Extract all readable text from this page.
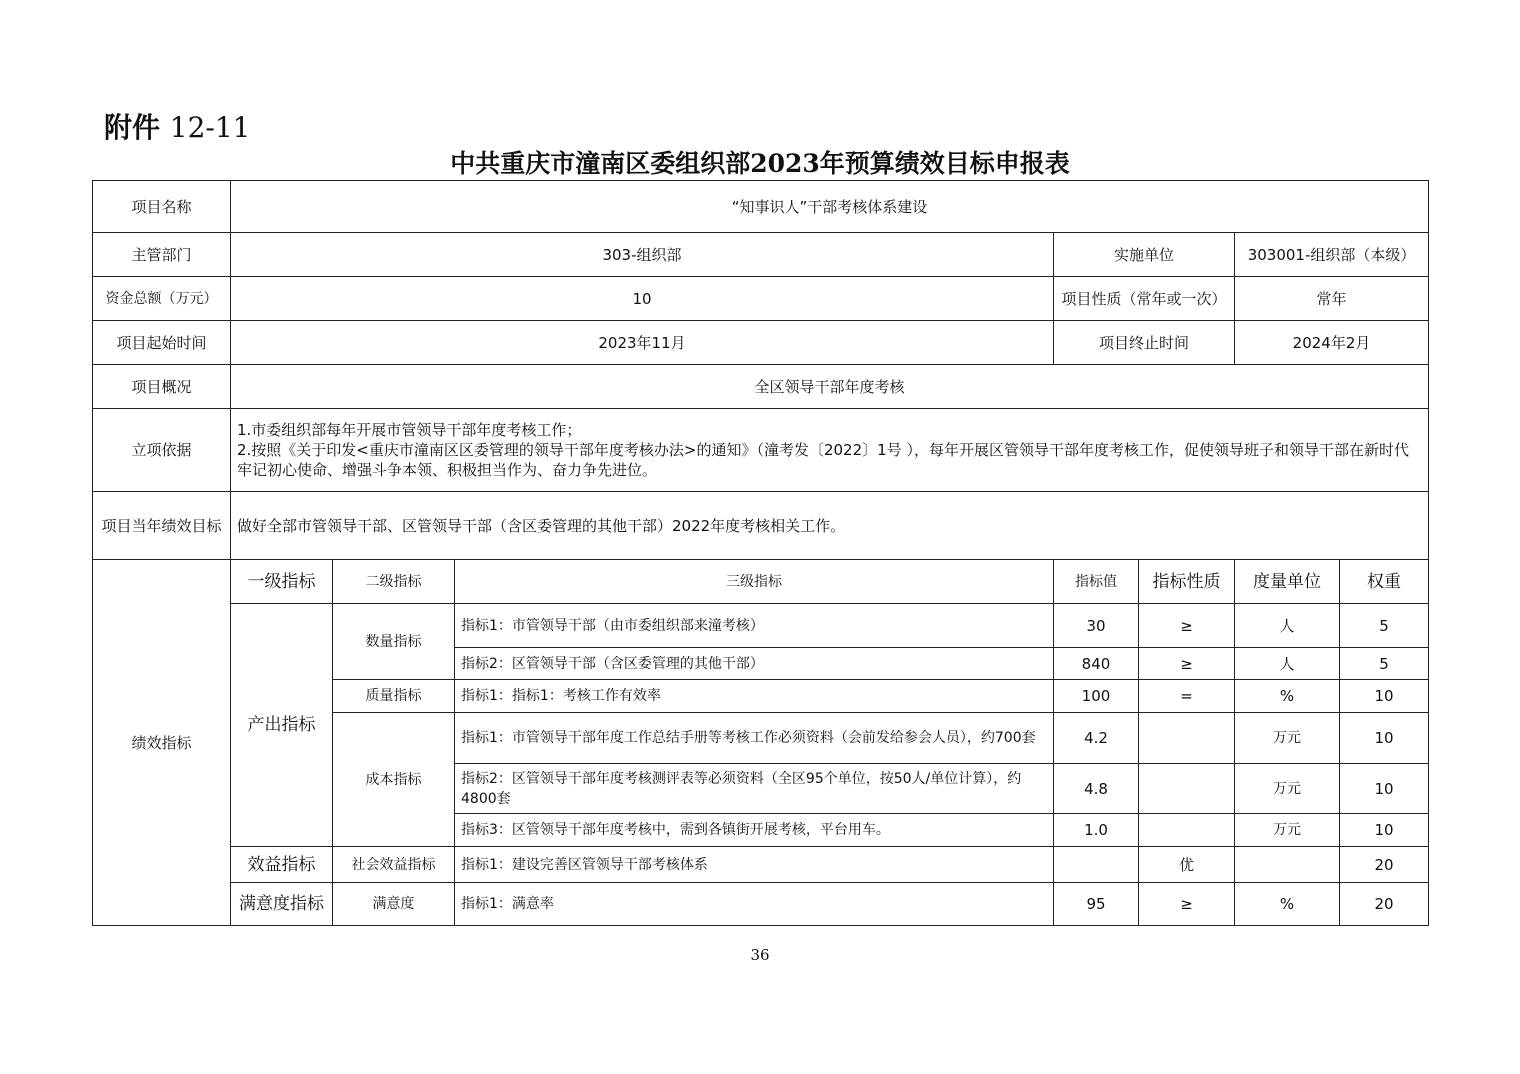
附件 12-11
中共重庆市潼南区委组织部2023年预算绩效目标申报表
项目名称	“知事识人”干部考核体系建设						
主管部门	303-组织部			实施单位		303001-组织部（本级）	
资金总额（万元）	10			项目性质（常年或一次）		常年	
项目起始时间	2023年11月			项目终止时间		2024年2月	
项目概况	全区领导干部年度考核						
立项依据	1.市委组织部每年开展市管领导干部年度考核工作；

2.按照《关于印发<重庆市潼南区区委管理的领导干部年度考核办法>的通知》（潼考发〔2022〕1号 ），每年开展区管领导干部年度考核工作，促使领导班子和领导干部在新时代牢记初心使命、增强斗争本领、积极担当作为、奋力争先进位。						

项目当年绩效目标	做好全部市管领导干部、区管领导干部（含区委管理的其他干部）2022年度考核相关工作。						
绩效指标	一级指标	二级指标	三级指标	指标值	指标性质	度量单位	权重
	产出指标	数量指标	指标1：市管领导干部（由市委组织部来潼考核）	30	≥	人	5
			指标2：区管领导干部（含区委管理的其他干部）	840	≥	人	5
		质量指标	指标1：指标1：考核工作有效率	100	=	%	10
		成本指标	指标1：市管领导干部年度工作总结手册等考核工作必须资料（会前发给参会人员），约700套	4.2		万元	10
			指标2：区管领导干部年度考核测评表等必须资料（全区95个单位，按50人/单位计算），约4800套	4.8		万元	10
			指标3：区管领导干部年度考核中，需到各镇街开展考核，平台用车。	1.0		万元	10
	效益指标	社会效益指标	指标1：建设完善区管领导干部考核体系		优		20
	满意度指标	满意度	指标1：满意率	95	≥	%	20
36
